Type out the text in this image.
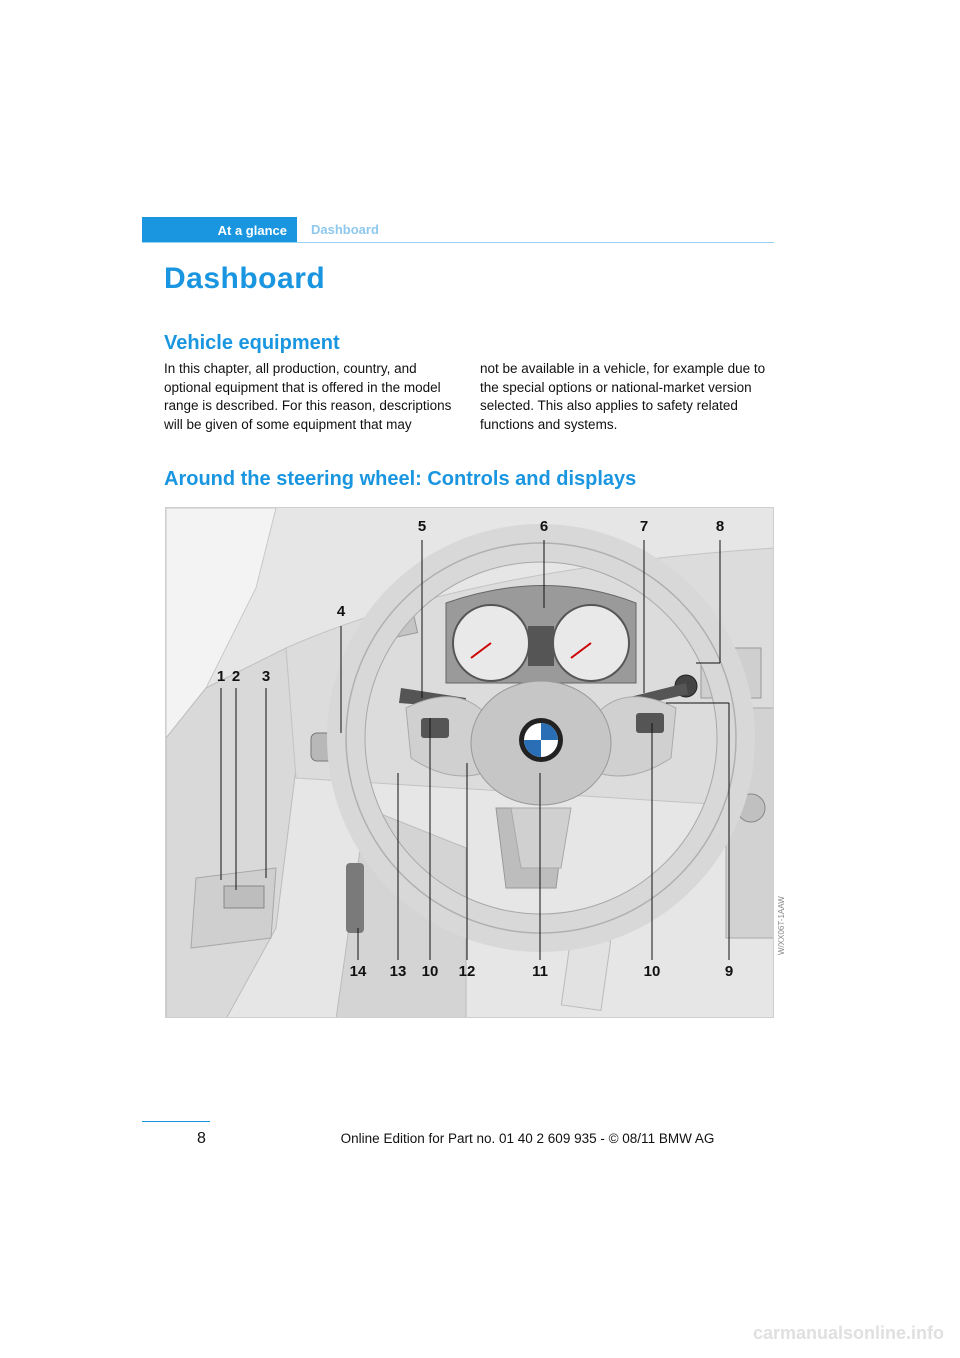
At a glance	Dashboard
Dashboard
Vehicle equipment
In this chapter, all production, country, and optional equipment that is offered in the model range is described. For this reason, descriptions will be given of some equipment that may
not be available in a vehicle, for example due to the special options or national-market version selected. This also applies to safety related functions and systems.
Around the steering wheel: Controls and displays
1 2 3
4
5	6	7	8
9
10
11
12
10
13
14
W/XX06T-1AAW
8	Online Edition for Part no. 01 40 2 609 935 - © 08/11 BMW AG
carmanualsonline.info
